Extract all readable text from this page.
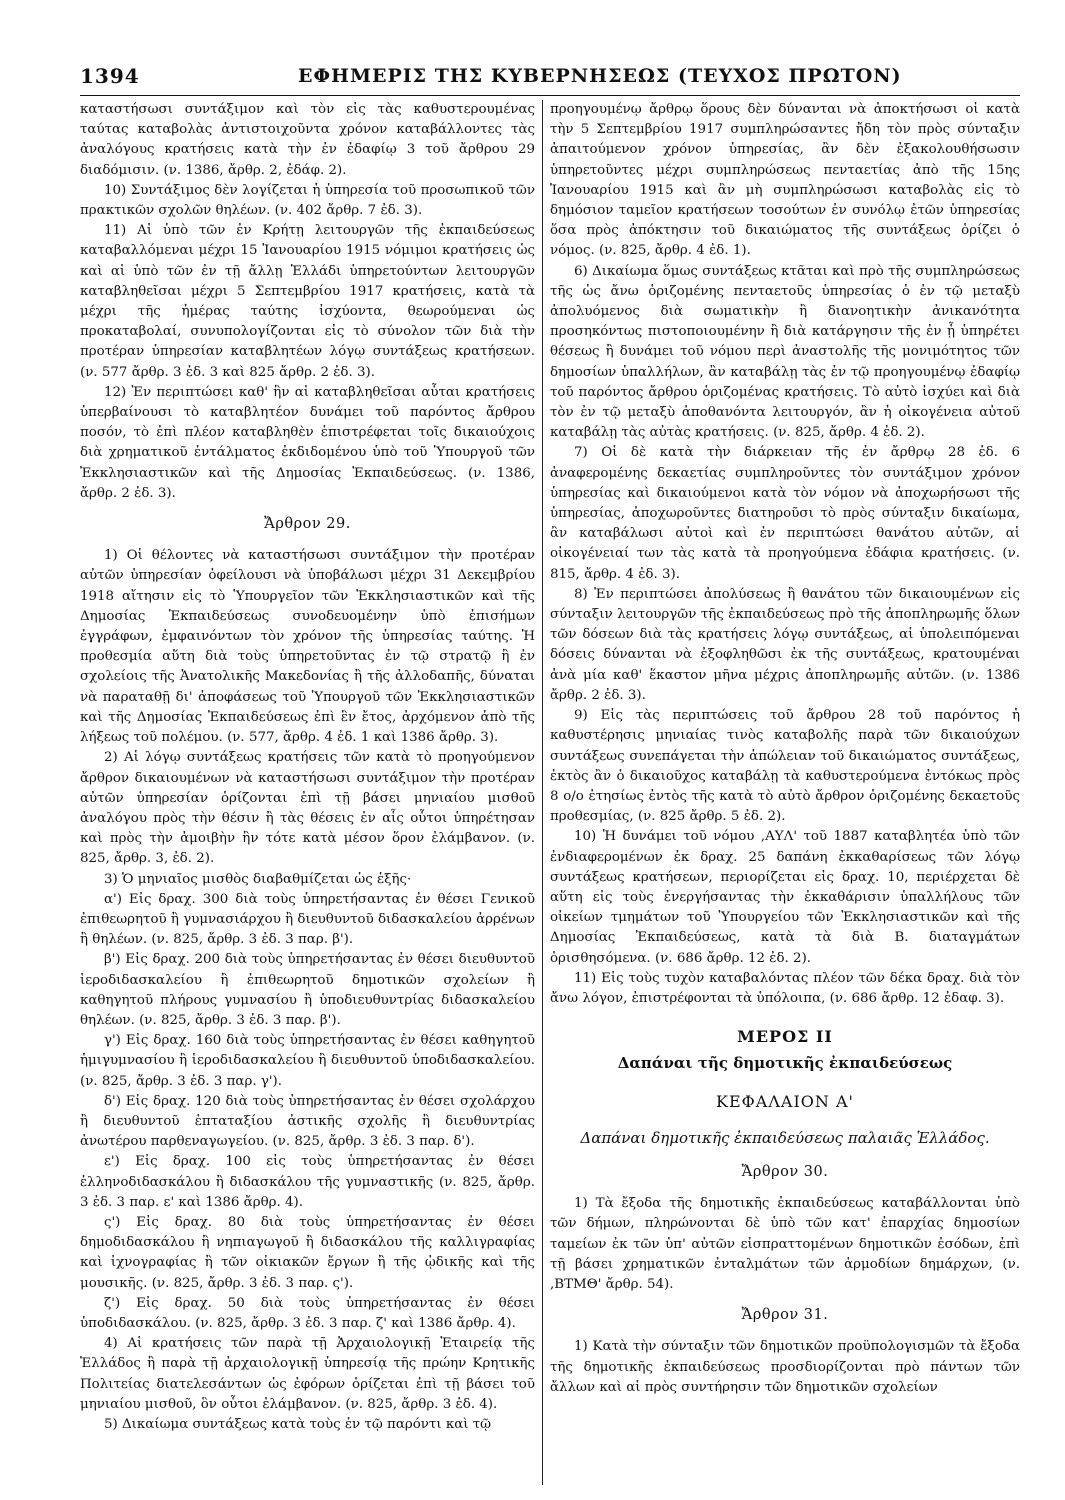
1394	ΕΦΗΜΕΡΙΣ ΤΗΣ ΚΥΒΕΡΝΗΣΕΩΣ (ΤΕΥΧΟΣ ΠΡΩΤΟΝ)

καταστήσωσι συντάξιμον καὶ τὸν εἰς τὰς καθυστερουμένας ταύτας καταβολὰς ἀντιστοιχοῦντα χρόνον καταβάλλοντες τὰς ἀναλόγους κρατήσεις κατὰ τὴν ἐν ἐδαφίῳ 3 τοῦ ἄρθρου 29 διαδόμισιν. (ν. 1386, ἄρθρ. 2, ἐδάφ. 2).

10) Συντάξιμος δὲν λογίζεται ἡ ὑπηρεσία τοῦ προσωπικοῦ τῶν πρακτικῶν σχολῶν θηλέων. (ν. 402 ἄρθρ. 7 ἐδ. 3).

11) Αἱ ὑπὸ τῶν ἐν Κρήτῃ λειτουργῶν τῆς ἐκπαιδεύσεως καταβαλλόμεναι μέχρι 15 Ἰανουαρίου 1915 νόμιμοι κρατήσεις ὡς καὶ αἱ ὑπὸ τῶν ἐν τῇ ἄλλῃ Ἑλλάδι ὑπηρετούντων λειτουργῶν καταβληθεῖσαι μέχρι 5 Σεπτεμβρίου 1917 κρατήσεις, κατὰ τὰ μέχρι τῆς ἡμέρας ταύτης ἰσχύοντα, θεωρούμεναι ὡς προκαταβολαί, συνυπολογίζονται εἰς τὸ σύνολον τῶν διὰ τὴν προτέραν ὑπηρεσίαν καταβλητέων λόγῳ συντάξεως κρατήσεων. (ν. 577 ἄρθρ. 3 ἐδ. 3 καὶ 825 ἄρθρ. 2 ἐδ. 3).

12) Ἐν περιπτώσει καθ' ἣν αἱ καταβληθεῖσαι αὗται κρατήσεις ὑπερβαίνουσι τὸ καταβλητέον δυνάμει τοῦ παρόντος ἄρθρου ποσόν, τὸ ἐπὶ πλέον καταβληθὲν ἐπιστρέφεται τοῖς δικαιούχοις διὰ χρηματικοῦ ἐντάλματος ἐκδιδομένου ὑπὸ τοῦ Ὑπουργοῦ τῶν Ἐκκλησιαστικῶν καὶ τῆς Δημοσίας Ἐκπαιδεύσεως. (ν. 1386, ἄρθρ. 2 ἐδ. 3).

Ἄρθρον 29.

1) Οἱ θέλοντες νὰ καταστήσωσι συντάξιμον τὴν προτέραν αὐτῶν ὑπηρεσίαν ὀφείλουσι νὰ ὑποβάλωσι μέχρι 31 Δεκεμβρίου 1918 αἴτησιν εἰς τὸ Ὑπουργεῖον τῶν Ἐκκλησιαστικῶν καὶ τῆς Δημοσίας Ἐκπαιδεύσεως συνοδευομένην ὑπὸ ἐπισήμων ἐγγράφων, ἐμφαινόντων τὸν χρόνον τῆς ὑπηρεσίας ταύτης. Ἡ προθεσμία αὕτη διὰ τοὺς ὑπηρετοῦντας ἐν τῷ στρατῷ ἢ ἐν σχολείοις τῆς Ἀνατολικῆς Μακεδονίας ἢ τῆς ἀλλοδαπῆς, δύναται νὰ παραταθῇ δι' ἀποφάσεως τοῦ Ὑπουργοῦ τῶν Ἐκκλησιαστικῶν καὶ τῆς Δημοσίας Ἐκπαιδεύσεως ἐπὶ ἓν ἔτος, ἀρχόμενον ἀπὸ τῆς λήξεως τοῦ πολέμου. (ν. 577, ἄρθρ. 4 ἐδ. 1 καὶ 1386 ἄρθρ. 3).

2) Αἱ λόγῳ συντάξεως κρατήσεις τῶν κατὰ τὸ προηγούμενον ἄρθρον δικαιουμένων νὰ καταστήσωσι συντάξιμον τὴν προτέραν αὐτῶν ὑπηρεσίαν ὁρίζονται ἐπὶ τῇ βάσει μηνιαίου μισθοῦ ἀναλόγου πρὸς τὴν θέσιν ἢ τὰς θέσεις ἐν αἷς οὗτοι ὑπηρέτησαν καὶ πρὸς τὴν ἀμοιβὴν ἣν τότε κατὰ μέσον ὅρον ἐλάμβανον. (ν. 825, ἄρθρ. 3, ἐδ. 2).

3) Ὁ μηνιαῖος μισθὸς διαβαθμίζεται ὡς ἑξῆς·

α') Εἰς δραχ. 300 διὰ τοὺς ὑπηρετήσαντας ἐν θέσει Γενικοῦ ἐπιθεωρητοῦ ἢ γυμνασιάρχου ἢ διευθυντοῦ διδασκαλείου ἀρρένων ἢ θηλέων. (ν. 825, ἄρθρ. 3 ἐδ. 3 παρ. β').

β') Εἰς δραχ. 200 διὰ τοὺς ὑπηρετήσαντας ἐν θέσει διευθυντοῦ ἱεροδιδασκαλείου ἢ ἐπιθεωρητοῦ δημοτικῶν σχολείων ἢ καθηγητοῦ πλήρους γυμνασίου ἢ ὑποδιευθυντρίας διδασκαλείου θηλέων. (ν. 825, ἄρθρ. 3 ἐδ. 3 παρ. β').

γ') Εἰς δραχ. 160 διὰ τοὺς ὑπηρετήσαντας ἐν θέσει καθηγητοῦ ἡμιγυμνασίου ἢ ἱεροδιδασκαλείου ἢ διευθυντοῦ ὑποδιδασκαλείου. (ν. 825, ἄρθρ. 3 ἐδ. 3 παρ. γ').

δ') Εἰς δραχ. 120 διὰ τοὺς ὑπηρετήσαντας ἐν θέσει σχολάρχου ἢ διευθυντοῦ ἑπταταξίου ἀστικῆς σχολῆς ἢ διευθυντρίας ἀνωτέρου παρθεναγωγείου. (ν. 825, ἄρθρ. 3 ἐδ. 3 παρ. δ').

ε') Εἰς δραχ. 100 εἰς τοὺς ὑπηρετήσαντας ἐν θέσει ἑλληνοδιδασκάλου ἢ διδασκάλου τῆς γυμναστικῆς (ν. 825, ἄρθρ. 3 ἐδ. 3 παρ. ε' καὶ 1386 ἄρθρ. 4).

ς') Εἰς δραχ. 80 διὰ τοὺς ὑπηρετήσαντας ἐν θέσει δημοδιδασκάλου ἢ νηπιαγωγοῦ ἢ διδασκάλου τῆς καλλιγραφίας καὶ ἰχνογραφίας ἢ τῶν οἰκιακῶν ἔργων ἢ τῆς ᾠδικῆς καὶ τῆς μουσικῆς. (ν. 825, ἄρθρ. 3 ἐδ. 3 παρ. ς').

ζ') Εἰς δραχ. 50 διὰ τοὺς ὑπηρετήσαντας ἐν θέσει ὑποδιδασκάλου. (ν. 825, ἄρθρ. 3 ἐδ. 3 παρ. ζ' καὶ 1386 ἄρθρ. 4).

4) Αἱ κρατήσεις τῶν παρὰ τῇ Ἀρχαιολογικῇ Ἑταιρείᾳ τῆς Ἑλλάδος ἢ παρὰ τῇ ἀρχαιολογικῇ ὑπηρεσίᾳ τῆς πρώην Κρητικῆς Πολιτείας διατελεσάντων ὡς ἐφόρων ὁρίζεται ἐπὶ τῇ βάσει τοῦ μηνιαίου μισθοῦ, ὃν οὗτοι ἐλάμβανον. (ν. 825, ἄρθρ. 3 ἐδ. 4).

5) Δικαίωμα συντάξεως κατὰ τοὺς ἐν τῷ παρόντι καὶ τῷ

προηγουμένῳ ἄρθρῳ ὅρους δὲν δύνανται νὰ ἀποκτήσωσι οἱ κατὰ τὴν 5 Σεπτεμβρίου 1917 συμπληρώσαντες ἤδη τὸν πρὸς σύνταξιν ἀπαιτούμενον χρόνον ὑπηρεσίας, ἂν δὲν ἐξακολουθήσωσιν ὑπηρετοῦντες μέχρι συμπληρώσεως πενταετίας ἀπὸ τῆς 15ης Ἰανουαρίου 1915 καὶ ἂν μὴ συμπληρώσωσι καταβολὰς εἰς τὸ δημόσιον ταμεῖον κρατήσεων τοσούτων ἐν συνόλῳ ἐτῶν ὑπηρεσίας ὅσα πρὸς ἀπόκτησιν τοῦ δικαιώματος τῆς συντάξεως ὁρίζει ὁ νόμος. (ν. 825, ἄρθρ. 4 ἐδ. 1).

6) Δικαίωμα ὅμως συντάξεως κτᾶται καὶ πρὸ τῆς συμπληρώσεως τῆς ὡς ἄνω ὁριζομένης πενταετοῦς ὑπηρεσίας ὁ ἐν τῷ μεταξὺ ἀπολυόμενος διὰ σωματικὴν ἢ διανοητικὴν ἀνικανότητα προσηκόντως πιστοποιουμένην ἢ διὰ κατάργησιν τῆς ἐν ᾗ ὑπηρέτει θέσεως ἢ δυνάμει τοῦ νόμου περὶ ἀναστολῆς τῆς μονιμότητος τῶν δημοσίων ὑπαλλήλων, ἂν καταβάλῃ τὰς ἐν τῷ προηγουμένῳ ἐδαφίῳ τοῦ παρόντος ἄρθρου ὁριζομένας κρατήσεις. Τὸ αὐτὸ ἰσχύει καὶ διὰ τὸν ἐν τῷ μεταξὺ ἀποθανόντα λειτουργόν, ἂν ἡ οἰκογένεια αὐτοῦ καταβάλῃ τὰς αὐτὰς κρατήσεις. (ν. 825, ἄρθρ. 4 ἐδ. 2).

7) Οἱ δὲ κατὰ τὴν διάρκειαν τῆς ἐν ἄρθρῳ 28 ἐδ. 6 ἀναφερομένης δεκαετίας συμπληροῦντες τὸν συντάξιμον χρόνον ὑπηρεσίας καὶ δικαιούμενοι κατὰ τὸν νόμον νὰ ἀποχωρήσωσι τῆς ὑπηρεσίας, ἀποχωροῦντες διατηροῦσι τὸ πρὸς σύνταξιν δικαίωμα, ἂν καταβάλωσι αὐτοὶ καὶ ἐν περιπτώσει θανάτου αὐτῶν, αἱ οἰκογένειαί των τὰς κατὰ τὰ προηγούμενα ἐδάφια κρατήσεις. (ν. 815, ἄρθρ. 4 ἐδ. 3).

8) Ἐν περιπτώσει ἀπολύσεως ἢ θανάτου τῶν δικαιουμένων εἰς σύνταξιν λειτουργῶν τῆς ἐκπαιδεύσεως πρὸ τῆς ἀποπληρωμῆς ὅλων τῶν δόσεων διὰ τὰς κρατήσεις λόγῳ συντάξεως, αἱ ὑπολειπόμεναι δόσεις δύνανται νὰ ἐξοφληθῶσι ἐκ τῆς συντάξεως, κρατουμέναι ἀνὰ μία καθ' ἕκαστον μῆνα μέχρις ἀποπληρωμῆς αὐτῶν. (ν. 1386 ἄρθρ. 2 ἐδ. 3).

9) Εἰς τὰς περιπτώσεις τοῦ ἄρθρου 28 τοῦ παρόντος ἡ καθυστέρησις μηνιαίας τινὸς καταβολῆς παρὰ τῶν δικαιούχων συντάξεως συνεπάγεται τὴν ἀπώλειαν τοῦ δικαιώματος συντάξεως, ἐκτὸς ἂν ὁ δικαιοῦχος καταβάλῃ τὰ καθυστερούμενα ἐντόκως πρὸς 8 ο/ο ἐτησίως ἐντὸς τῆς κατὰ τὸ αὐτὸ ἄρθρον ὁριζομένης δεκαετοῦς προθεσμίας, (ν. 825 ἄρθρ. 5 ἐδ. 2).

10) Ἡ δυνάμει τοῦ νόμου ,ΑΥΛ' τοῦ 1887 καταβλητέα ὑπὸ τῶν ἐνδιαφερομένων ἐκ δραχ. 25 δαπάνη ἐκκαθαρίσεως τῶν λόγῳ συντάξεως κρατήσεων, περιορίζεται εἰς δραχ. 10, περιέρχεται δὲ αὕτη εἰς τοὺς ἐνεργήσαντας τὴν ἐκκαθάρισιν ὑπαλλήλους τῶν οἰκείων τμημάτων τοῦ Ὑπουργείου τῶν Ἐκκλησιαστικῶν καὶ τῆς Δημοσίας Ἐκπαιδεύσεως, κατὰ τὰ διὰ Β. διαταγμάτων ὁρισθησόμενα. (ν. 686 ἄρθρ. 12 ἐδ. 2).

11) Εἰς τοὺς τυχὸν καταβαλόντας πλέον τῶν δέκα δραχ. διὰ τὸν ἄνω λόγον, ἐπιστρέφονται τὰ ὑπόλοιπα, (ν. 686 ἄρθρ. 12 ἐδαφ. 3).

ΜΕΡΟΣ ΙΙ
Δαπάναι τῆς δημοτικῆς ἐκπαιδεύσεως
ΚΕΦΑΛΑΙΟΝ Α'
Δαπάναι δημοτικῆς ἐκπαιδεύσεως παλαιᾶς Ἑλλάδος.
Ἄρθρον 30.

1) Τὰ ἔξοδα τῆς δημοτικῆς ἐκπαιδεύσεως καταβάλλονται ὑπὸ τῶν δήμων, πληρώνονται δὲ ὑπὸ τῶν κατ' ἐπαρχίας δημοσίων ταμείων ἐκ τῶν ὑπ' αὐτῶν εἰσπραττομένων δημοτικῶν ἐσόδων, ἐπὶ τῇ βάσει χρηματικῶν ἐνταλμάτων τῶν ἁρμοδίων δημάρχων, (ν. ,ΒΤΜΘ' ἄρθρ. 54).

Ἄρθρον 31.

1) Κατὰ τὴν σύνταξιν τῶν δημοτικῶν προϋπολογισμῶν τὰ ἔξοδα τῆς δημοτικῆς ἐκπαιδεύσεως προσδιορίζονται πρὸ πάντων τῶν ἄλλων καὶ αἱ πρὸς συντήρησιν τῶν δημοτικῶν σχολείων
